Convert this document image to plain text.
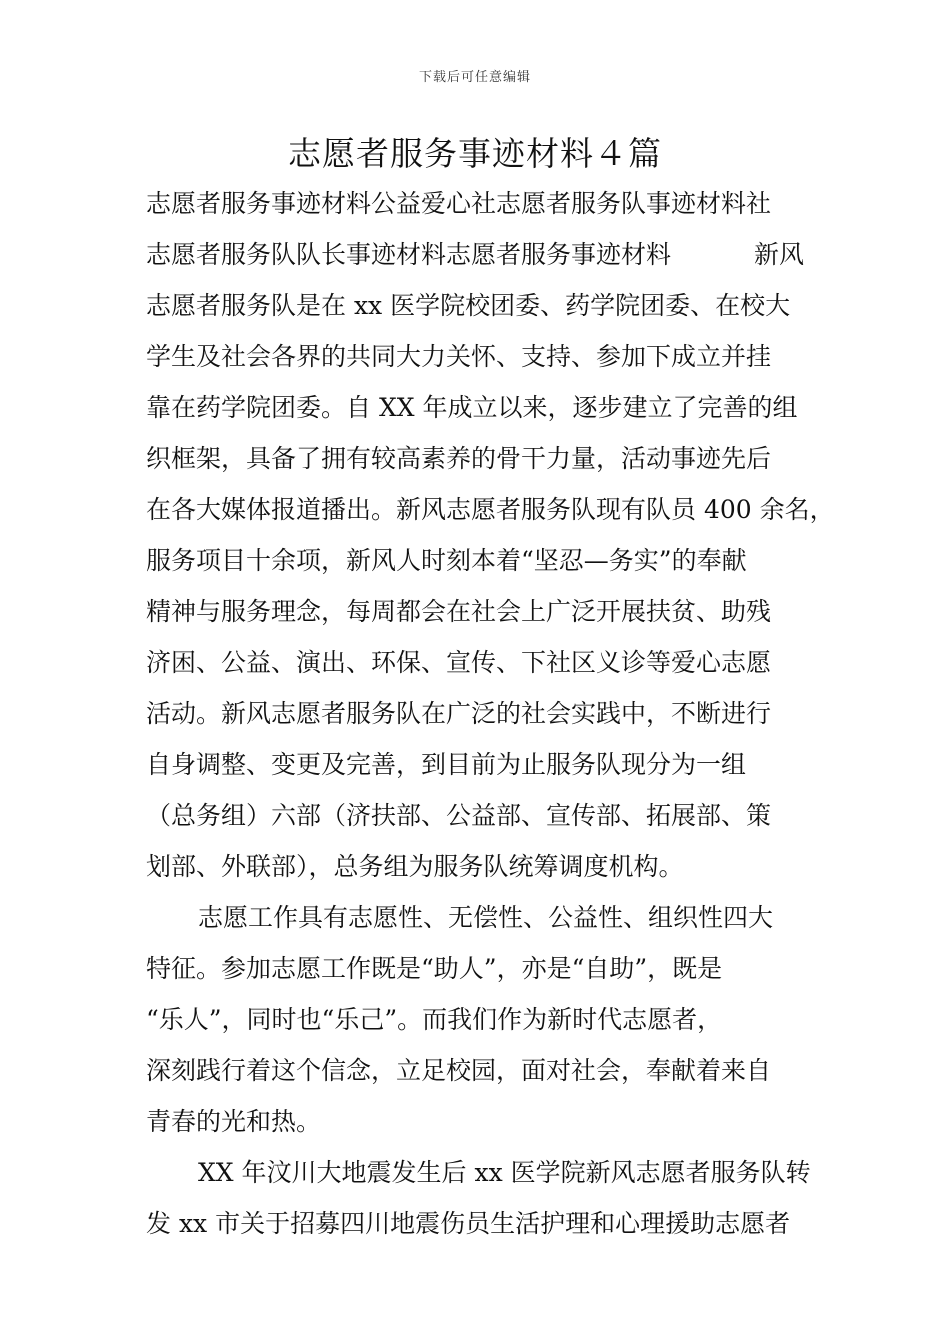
下载后可任意编辑
志愿者服务事迹材料４篇
志愿者服务事迹材料公益爱心社志愿者服务队事迹材料社
志愿者服务队队长事迹材料志愿者服务事迹材料	新风
志愿者服务队是在 xx 医学院校团委、药学院团委、在校大
学生及社会各界的共同大力关怀、支持、参加下成立并挂
靠在药学院团委。自 XX 年成立以来，逐步建立了完善的组
织框架，具备了拥有较高素养的骨干力量，活动事迹先后
在各大媒体报道播出。新风志愿者服务队现有队员 400 余名，
服务项目十余项，新风人时刻本着“坚忍—务实”的奉献
精神与服务理念，每周都会在社会上广泛开展扶贫、助残
济困、公益、演出、环保、宣传、下社区义诊等爱心志愿
活动。新风志愿者服务队在广泛的社会实践中，不断进行
自身调整、变更及完善，到目前为止服务队现分为一组
（总务组）六部（济扶部、公益部、宣传部、拓展部、策
划部、外联部），总务组为服务队统筹调度机构。
志愿工作具有志愿性、无偿性、公益性、组织性四大
特征。参加志愿工作既是“助人”，亦是“自助”，既是
“乐人”，同时也“乐己”。而我们作为新时代志愿者，
深刻践行着这个信念，立足校园，面对社会，奉献着来自
青春的光和热。
XX 年汶川大地震发生后 xx 医学院新风志愿者服务队转
发 xx 市关于招募四川地震伤员生活护理和心理援助志愿者
